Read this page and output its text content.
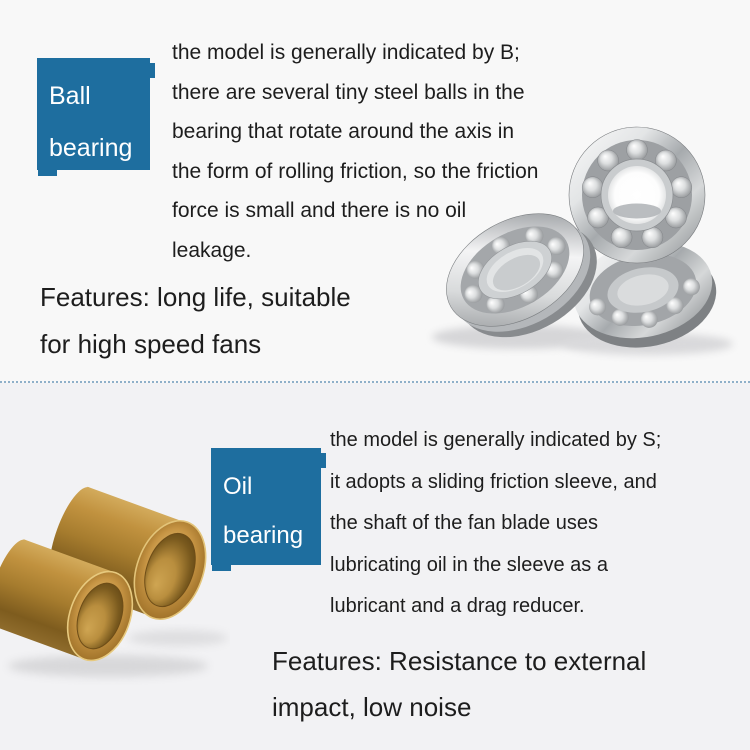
Ball
bearing
the model is generally indicated by B;
there are several tiny steel balls in the
bearing that rotate around the axis in
the form of rolling friction, so the friction
force is small and there is no oil
leakage.
Features: long life, suitable
for high speed fans
Oil
bearing
the model is generally indicated by S;
it adopts a sliding friction sleeve, and
the shaft of the fan blade uses
lubricating oil in the sleeve as a
lubricant and a drag reducer.
Features: Resistance to external
impact, low noise
